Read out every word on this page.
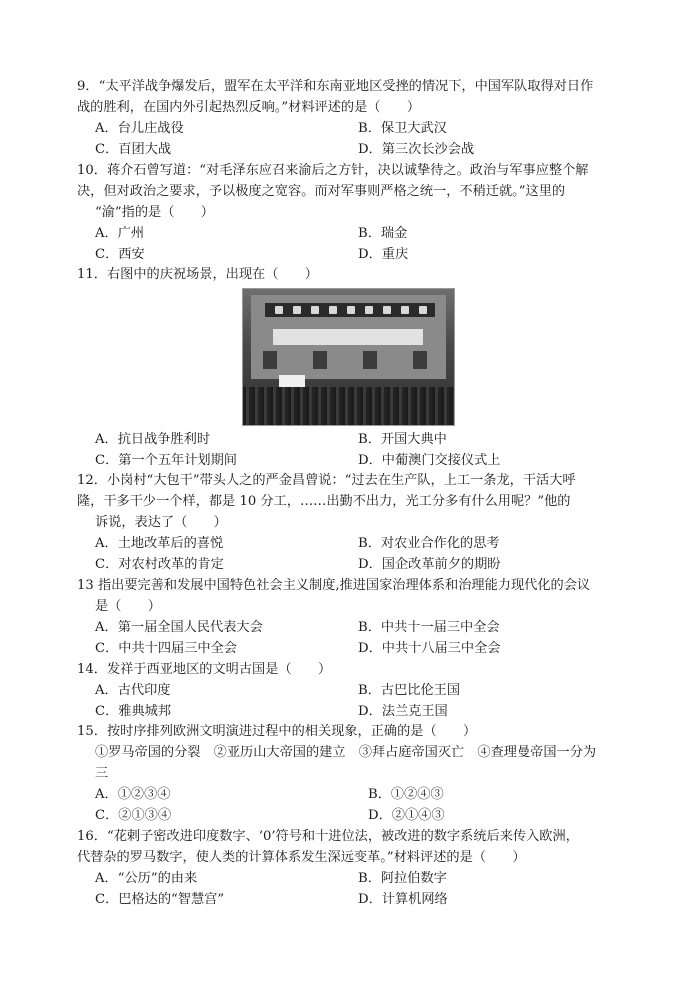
9．“太平洋战争爆发后，盟军在太平洋和东南亚地区受挫的情况下，中国军队取得对日作
战的胜利，在国内外引起热烈反响。”材料评述的是（　　）
A．台儿庄战役	B．保卫大武汉
C．百团大战	D．第三次长沙会战
10．蒋介石曾写道：“对毛泽东应召来渝后之方针，决以诚挚待之。政治与军事应整个解
决，但对政治之要求，予以极度之宽容。而对军事则严格之统一，不稍迁就。”这里的
“渝”指的是（　　）
A．广州	B．瑞金
C．西安	D．重庆
11．右图中的庆祝场景，出现在（　　）
A．抗日战争胜利时	B．开国大典中
C．第一个五年计划期间	D．中葡澳门交接仪式上
12．小岗村“大包干”带头人之的严金昌曾说：“过去在生产队，上工一条龙，干活大呼
隆，干多干少一个样，都是 10 分工，……出勤不出力，光工分多有什么用呢？”他的
诉说，表达了（　　）
A．土地改革后的喜悦	B．对农业合作化的思考
C．对农村改革的肯定	D．国企改革前夕的期盼
13 指出要完善和发展中国特色社会主义制度,推进国家治理体系和治理能力现代化的会议
是（　　）
A．第一届全国人民代表大会	B．中共十一届三中全会
C．中共十四届三中全会	D．中共十八届三中全会
14．发祥于西亚地区的文明古国是（　　）
A．古代印度	B．古巴比伦王国
C．雅典城邦	D．法兰克王国
15．按时序排列欧洲文明演进过程中的相关现象，正确的是（　　）
①罗马帝国的分裂　②亚历山大帝国的建立　③拜占庭帝国灭亡　④查理曼帝国一分为
三
A．①②③④	B．①②④③
C．②①③④	D．②①④③
16．“花剌子密改进印度数字、‘0’符号和十进位法，被改进的数字系统后来传入欧洲，
代替杂的罗马数字，使人类的计算体系发生深远变革。”材料评述的是（　　）
A．“公历”的由来	B．阿拉伯数字
C．巴格达的“智慧宫”	D．计算机网络
